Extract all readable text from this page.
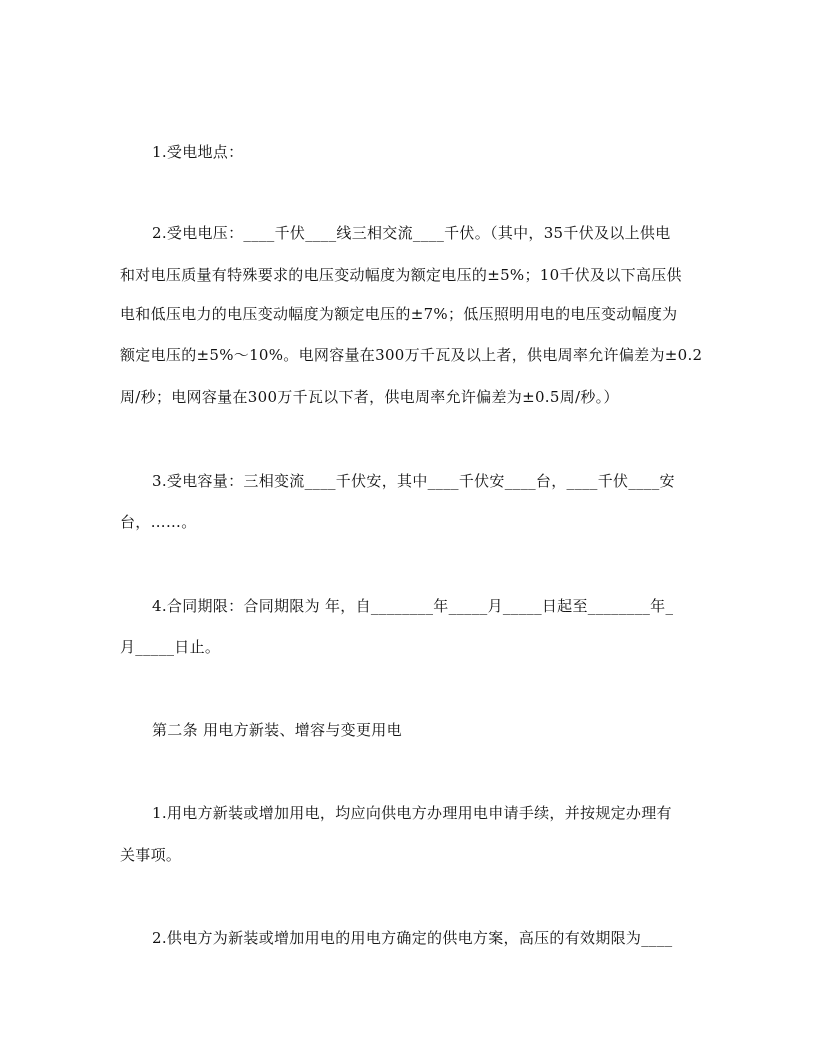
1.受电地点：
2.受电电压：____千伏____线三相交流____千伏。（其中，35千伏及以上供电
和对电压质量有特殊要求的电压变动幅度为额定电压的±5%；10千伏及以下高压供
电和低压电力的电压变动幅度为额定电压的±7%；低压照明用电的电压变动幅度为
额定电压的±5%～10%。电网容量在300万千瓦及以上者，供电周率允许偏差为±0.2
周/秒；电网容量在300万千瓦以下者，供电周率允许偏差为±0.5周/秒。）
3.受电容量：三相变流____千伏安，其中____千伏安____台，____千伏____安
台，……。
4.合同期限：合同期限为 年，自________年_____月_____日起至________年_
月_____日止。
第二条 用电方新装、增容与变更用电
1.用电方新装或增加用电，均应向供电方办理用电申请手续，并按规定办理有
关事项。
2.供电方为新装或增加用电的用电方确定的供电方案，高压的有效期限为____
